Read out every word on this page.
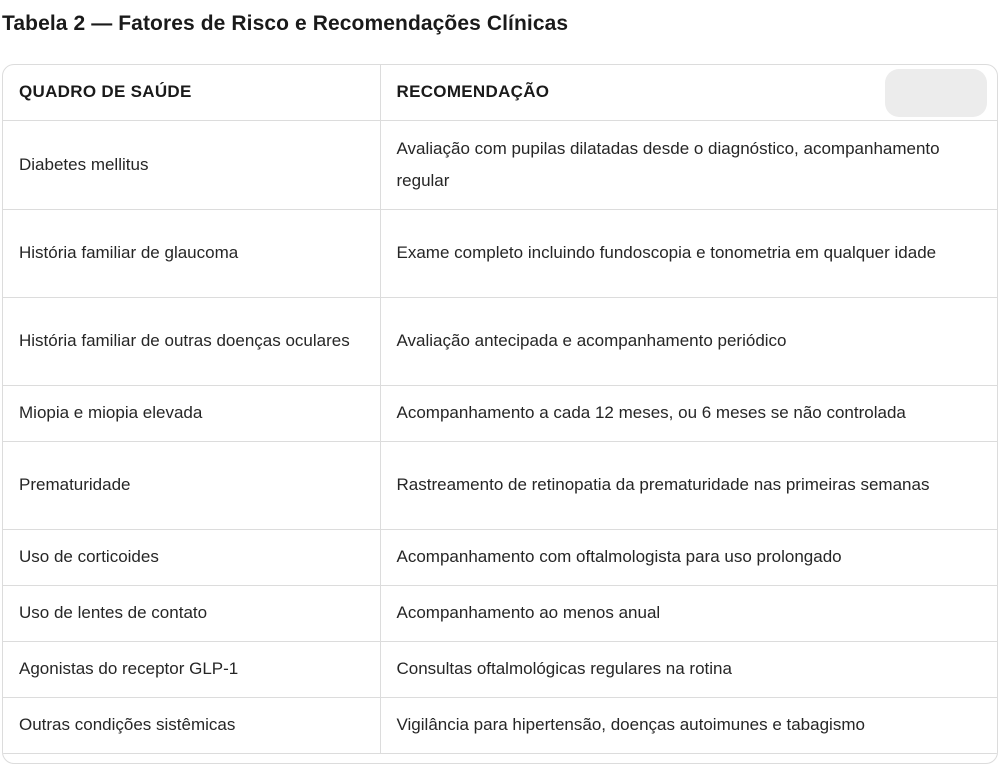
Tabela 2 — Fatores de Risco e Recomendações Clínicas
QUADRO DE SAÚDE	RECOMENDAÇÃO

Diabetes mellitus	Avaliação com pupilas dilatadas desde o diagnóstico, acompanhamento regular
História familiar de glaucoma	Exame completo incluindo fundoscopia e tonometria em qualquer idade
História familiar de outras doenças oculares	Avaliação antecipada e acompanhamento periódico
Miopia e miopia elevada	Acompanhamento a cada 12 meses, ou 6 meses se não controlada
Prematuridade	Rastreamento de retinopatia da prematuridade nas primeiras semanas
Uso de corticoides	Acompanhamento com oftalmologista para uso prolongado
Uso de lentes de contato	Acompanhamento ao menos anual
Agonistas do receptor GLP-1	Consultas oftalmológicas regulares na rotina
Outras condições sistêmicas	Vigilância para hipertensão, doenças autoimunes e tabagismo
